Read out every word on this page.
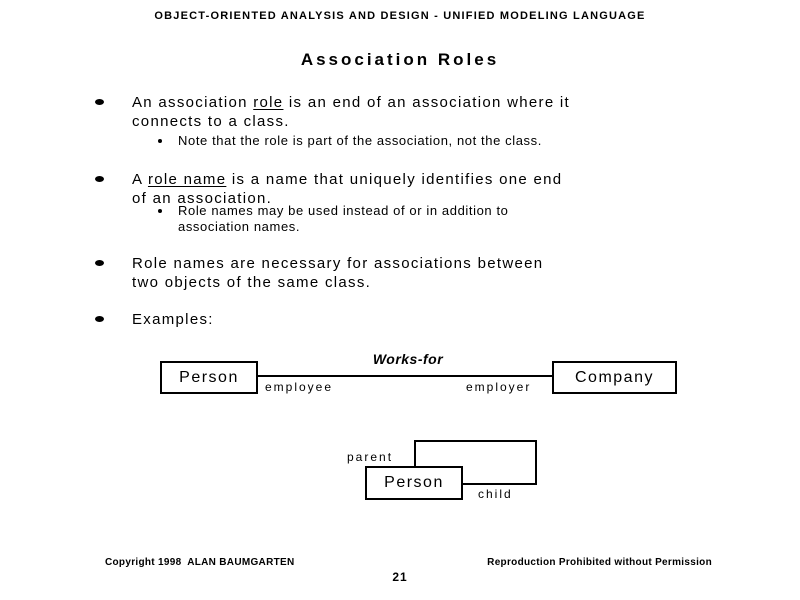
OBJECT-ORIENTED ANALYSIS AND DESIGN - UNIFIED MODELING LANGUAGE
Association Roles
An association role is an end of an association where it
connects to a class.
Note that the role is part of the association, not the class.
A role name is a name that uniquely identifies one end
of an association.
Role names may be used instead of or in addition to
association names.
Role names are necessary for associations between
two objects of the same class.
Examples:
Works-for
Person	Company
employee	employer
Person
parent
child
Copyright 1998  ALAN BAUMGARTEN	Reproduction Prohibited without Permission
21
